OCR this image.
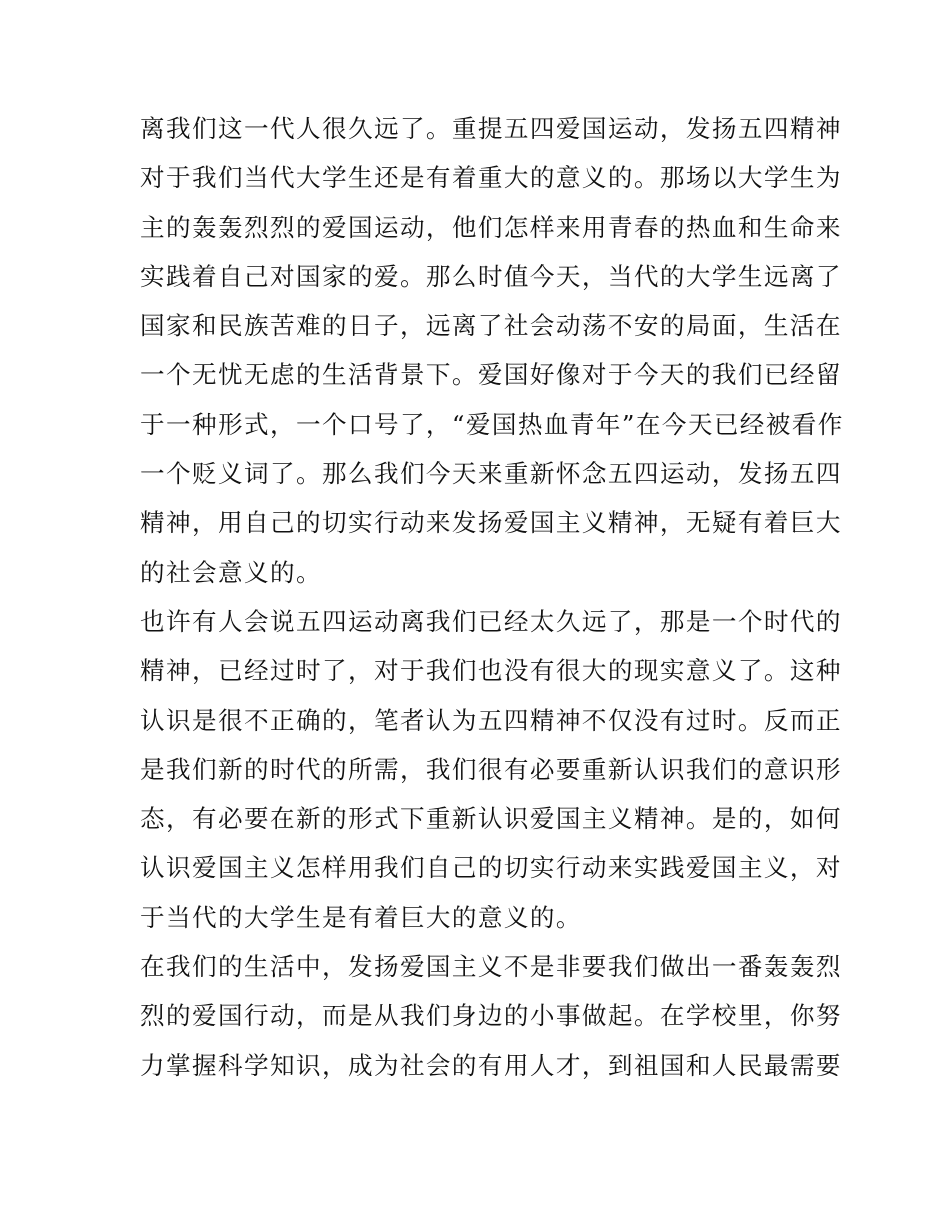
离我们这一代人很久远了。重提五四爱国运动，发扬五四精神
对于我们当代大学生还是有着重大的意义的。那场以大学生为
主的轰轰烈烈的爱国运动，他们怎样来用青春的热血和生命来
实践着自己对国家的爱。那么时值今天，当代的大学生远离了
国家和民族苦难的日子，远离了社会动荡不安的局面，生活在
一个无忧无虑的生活背景下。爱国好像对于今天的我们已经留
于一种形式，一个口号了，“爱国热血青年”在今天已经被看作
一个贬义词了。那么我们今天来重新怀念五四运动，发扬五四
精神，用自己的切实行动来发扬爱国主义精神，无疑有着巨大
的社会意义的。
也许有人会说五四运动离我们已经太久远了，那是一个时代的
精神，已经过时了，对于我们也没有很大的现实意义了。这种
认识是很不正确的，笔者认为五四精神不仅没有过时。反而正
是我们新的时代的所需，我们很有必要重新认识我们的意识形
态，有必要在新的形式下重新认识爱国主义精神。是的，如何
认识爱国主义怎样用我们自己的切实行动来实践爱国主义，对
于当代的大学生是有着巨大的意义的。
在我们的生活中，发扬爱国主义不是非要我们做出一番轰轰烈
烈的爱国行动，而是从我们身边的小事做起。在学校里，你努
力掌握科学知识，成为社会的有用人才，到祖国和人民最需要
